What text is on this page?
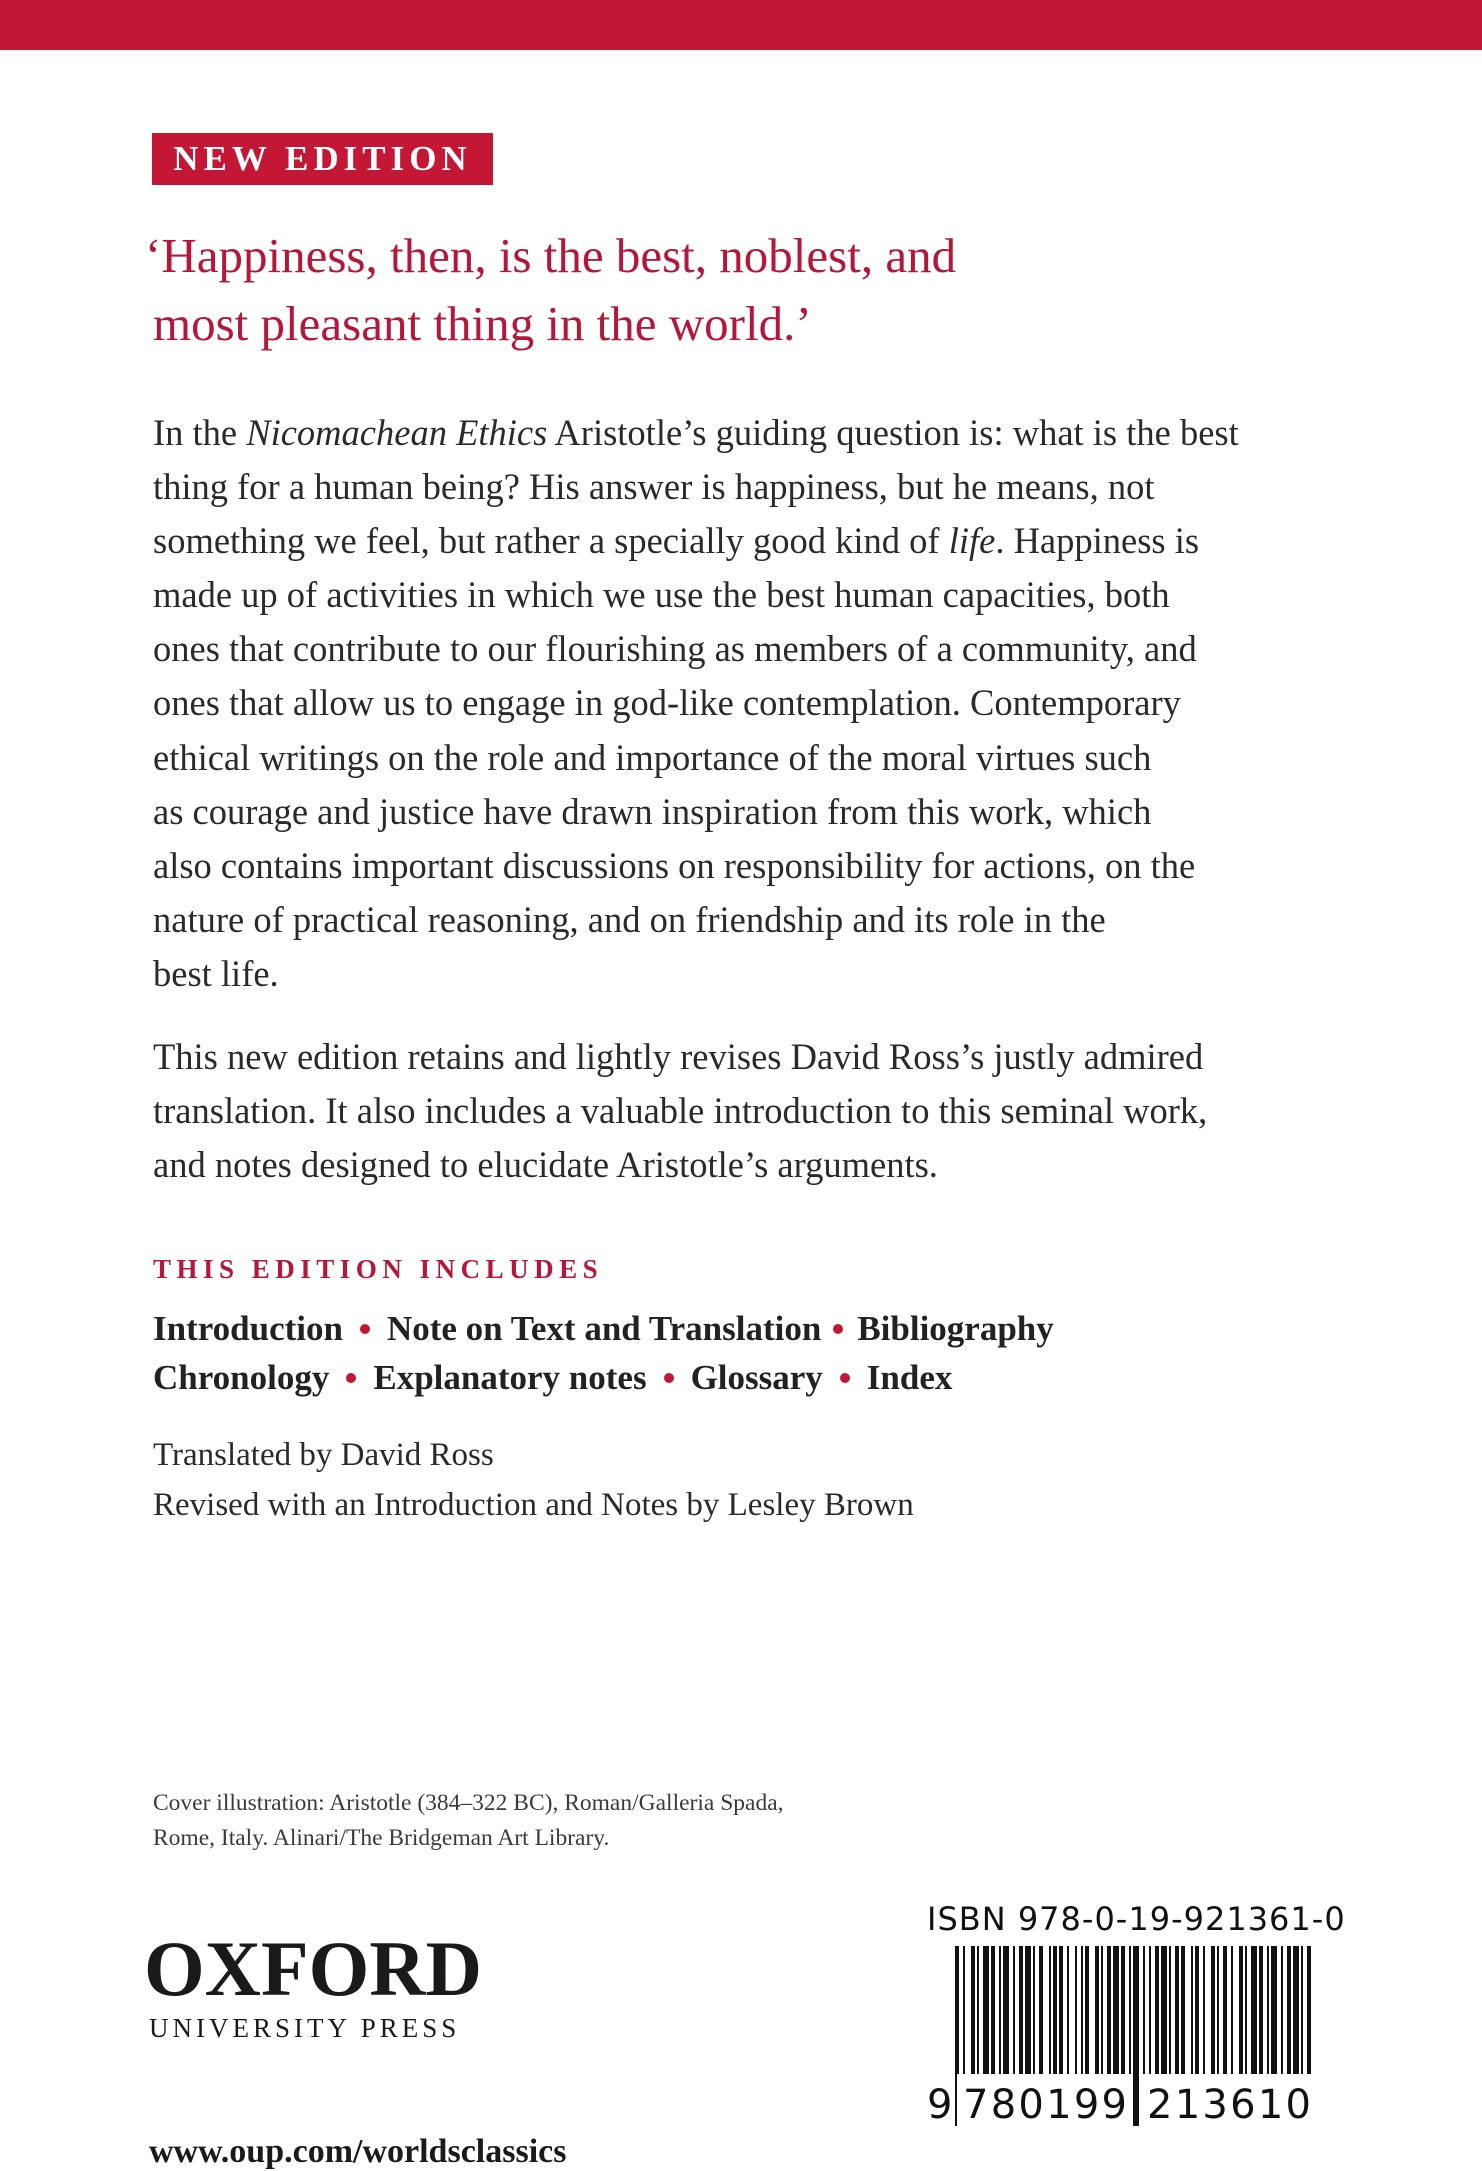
NEW EDITION

‘Happiness, then, is the best, noblest, and
most pleasant thing in the world.’

In the Nicomachean Ethics Aristotle’s guiding question is: what is the best
thing for a human being? His answer is happiness, but he means, not
something we feel, but rather a specially good kind of life. Happiness is
made up of activities in which we use the best human capacities, both
ones that contribute to our flourishing as members of a community, and
ones that allow us to engage in god-like contemplation. Contemporary
ethical writings on the role and importance of the moral virtues such
as courage and justice have drawn inspiration from this work, which
also contains important discussions on responsibility for actions, on the
nature of practical reasoning, and on friendship and its role in the
best life.
This new edition retains and lightly revises David Ross’s justly admired
translation. It also includes a valuable introduction to this seminal work,
and notes designed to elucidate Aristotle’s arguments.
THIS EDITION INCLUDES
Introduction Note on Text and Translation Bibliography
Chronology Explanatory notes Glossary Index
Translated by David Ross
Revised with an Introduction and Notes by Lesley Brown
Cover illustration: Aristotle (384–322 BC), Roman/Galleria Spada,
Rome, Italy. Alinari/The Bridgeman Art Library.
OXFORD
UNIVERSITY PRESS
www.oup.com/worldsclassics
ISBN 978-0-19-921361-0
9 780199 213610
